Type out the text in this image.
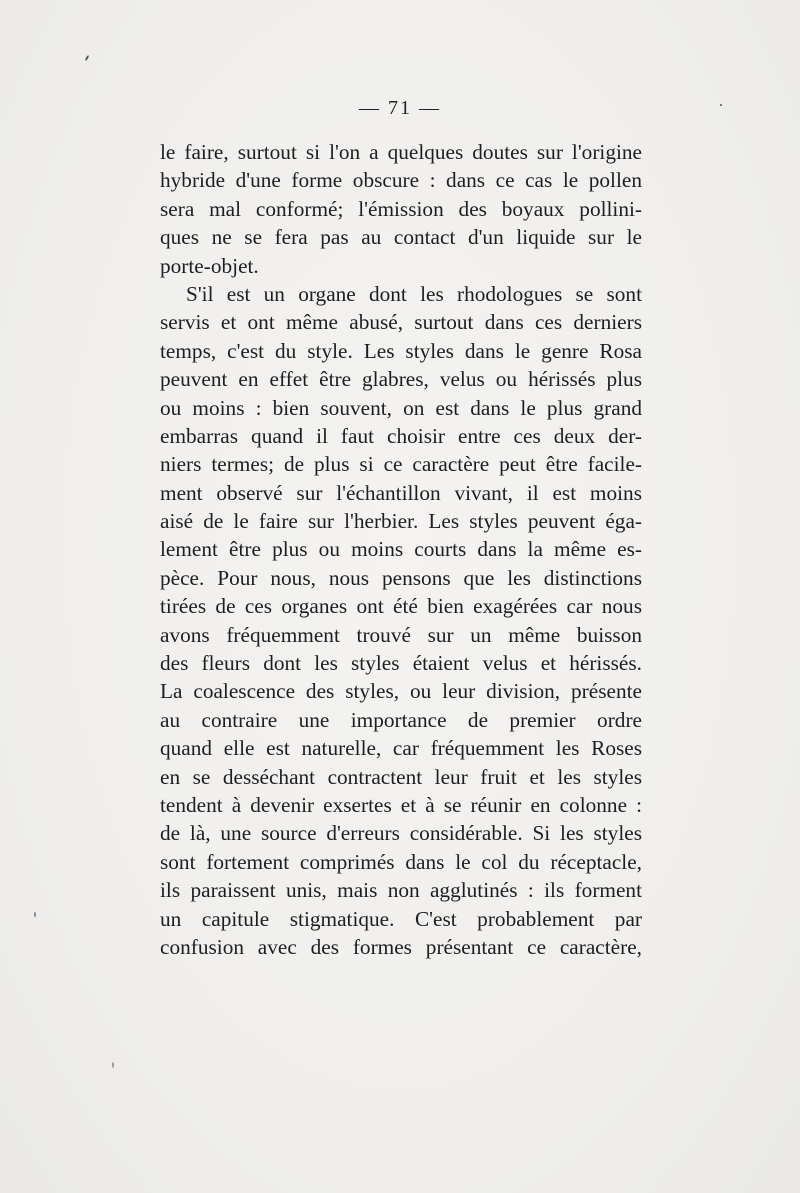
— 71 —
le faire, surtout si l'on a quelques doutes sur l'origine
hybride d'une forme obscure : dans ce cas le pollen
sera mal conformé; l'émission des boyaux pollini-
ques ne se fera pas au contact d'un liquide sur le
porte-objet.
S'il est un organe dont les rhodologues se sont
servis et ont même abusé, surtout dans ces derniers
temps, c'est du style. Les styles dans le genre Rosa
peuvent en effet être glabres, velus ou hérissés plus
ou moins : bien souvent, on est dans le plus grand
embarras quand il faut choisir entre ces deux der-
niers termes; de plus si ce caractère peut être facile-
ment observé sur l'échantillon vivant, il est moins
aisé de le faire sur l'herbier. Les styles peuvent éga-
lement être plus ou moins courts dans la même es-
pèce. Pour nous, nous pensons que les distinctions
tirées de ces organes ont été bien exagérées car nous
avons fréquemment trouvé sur un même buisson
des fleurs dont les styles étaient velus et hérissés.
La coalescence des styles, ou leur division, présente
au contraire une importance de premier ordre
quand elle est naturelle, car fréquemment les Roses
en se desséchant contractent leur fruit et les styles
tendent à devenir exsertes et à se réunir en colonne :
de là, une source d'erreurs considérable. Si les styles
sont fortement comprimés dans le col du réceptacle,
ils paraissent unis, mais non agglutinés : ils forment
un capitule stigmatique. C'est probablement par
confusion avec des formes présentant ce caractère,
